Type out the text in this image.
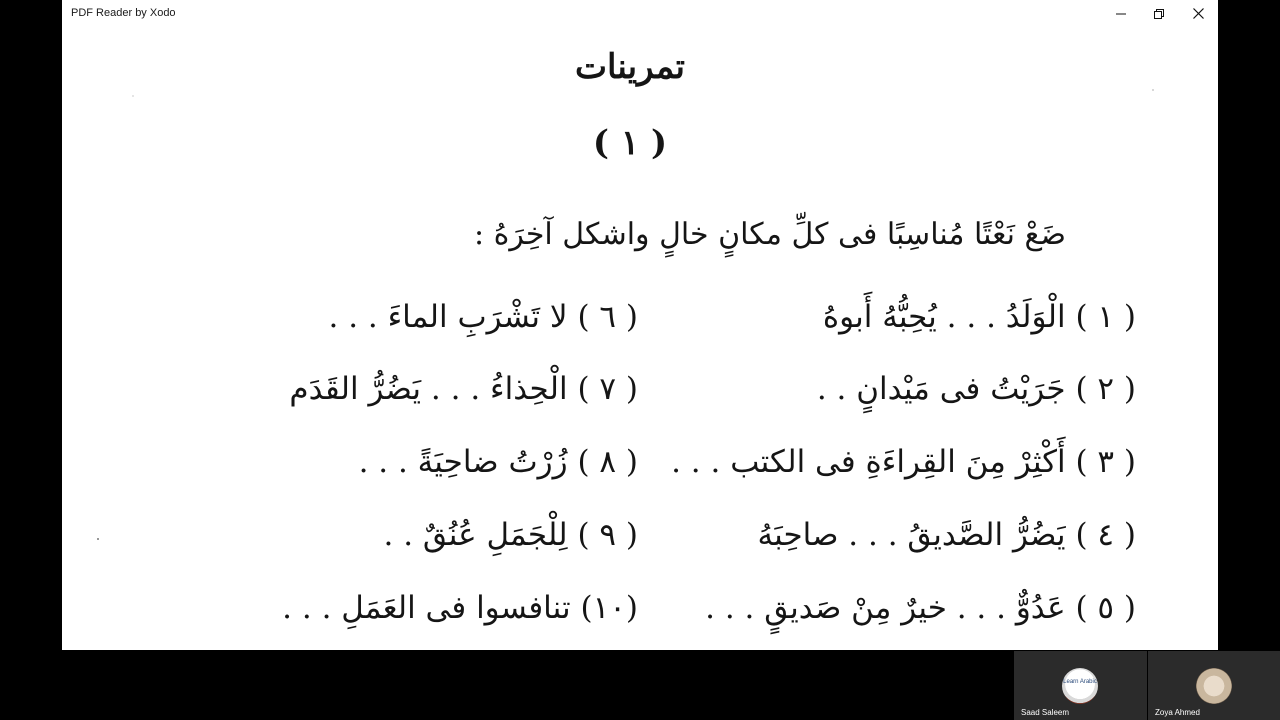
PDF Reader by Xodo
تمرينات
( ١ )
ضَعْ نَعْتًا مُناسِبًا فى كلِّ مكانٍ خالٍ واشكل آخِرَهُ :
( ١ ) الْوَلَدُ . . . يُحِبُّهُ أَبوهُ
( ٢ ) جَرَيْتُ فى مَيْدانٍ . .
( ٣ ) أَكْثِرْ مِنَ القِراءَةِ فى الكتب . . .
( ٤ ) يَضُرُّ الصَّديقُ . . . صاحِبَهُ
( ٥ ) عَدُوٌّ . . . خيرٌ مِنْ صَديقٍ . . .
( ٦ ) لا تَشْرَبِ الماءَ . . .
( ٧ ) الْحِذاءُ . . . يَضُرُّ القَدَم
( ٨ ) زُرْتُ ضاحِيَةً . . .
( ٩ ) لِلْجَمَلِ عُنُقٌ . .
(١٠) تنافسوا فى العَمَلِ . . .
Learn Arabic
Saad Saleem	Zoya Ahmed
